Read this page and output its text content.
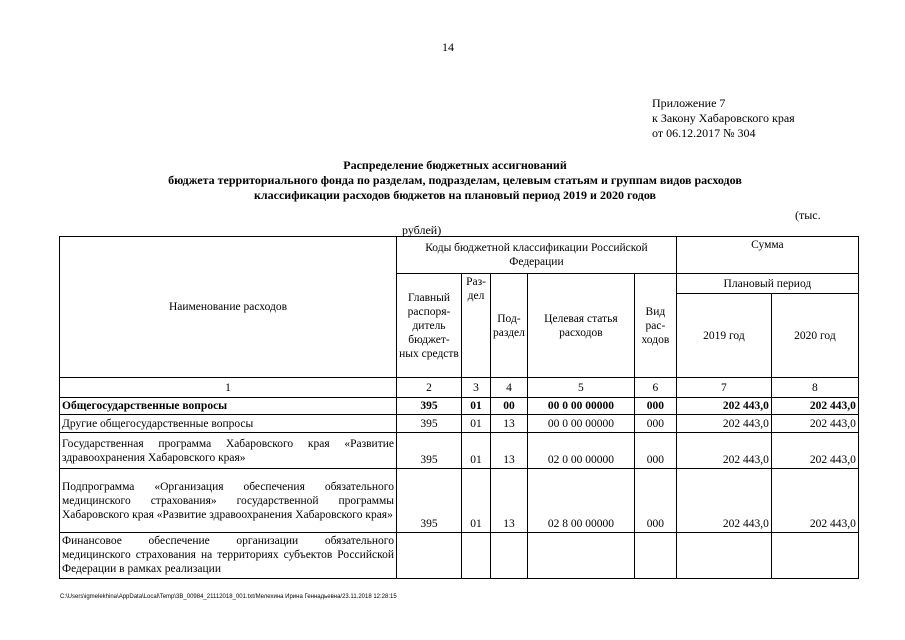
14
Приложение 7
к Закону Хабаровского края
от 06.12.2017 № 304
Распределение бюджетных ассигнований
бюджета территориального фонда по разделам, подразделам, целевым статьям и группам видов расходов
классификации расходов бюджетов на плановый период 2019 и 2020 годов
(тыс.
рублей)
Наименование расходов	Коды бюджетной классификации Российской Федерации					Сумма	
	Главный распоря-дитель бюджет-ных средств	Раз-дел	Под-раздел	Целевая статья расходов	Вид рас-ходов	Плановый период	
						2019 год	2020 год
1	2	3	4	5	6	7	8
Общегосударственные вопросы	395	01	00	00 0 00 00000	000	202 443,0	202 443,0
Другие общегосударственные вопросы	395	01	13	00 0 00 00000	000	202 443,0	202 443,0
Государственная программа Хабаровского края «Развитие здравоохранения Хабаровского края»	395	01	13	02 0 00 00000	000	202 443,0	202 443,0
Подпрограмма «Организация обеспечения обязательного медицинского страхования» государственной программы Хабаровского края «Развитие здравоохранения Хабаровского края»	395	01	13	02 8 00 00000	000	202 443,0	202 443,0
Финансовое обеспечение организации обязательного медицинского страхования на территориях субъектов Российской Федерации в рамках реализации							
C:\Users\igmelekhina\AppData\Local\Temp\3B_00984_21112018_001.txt/Мелехина Ирина Геннадьевна/23.11.2018 12:28:15
